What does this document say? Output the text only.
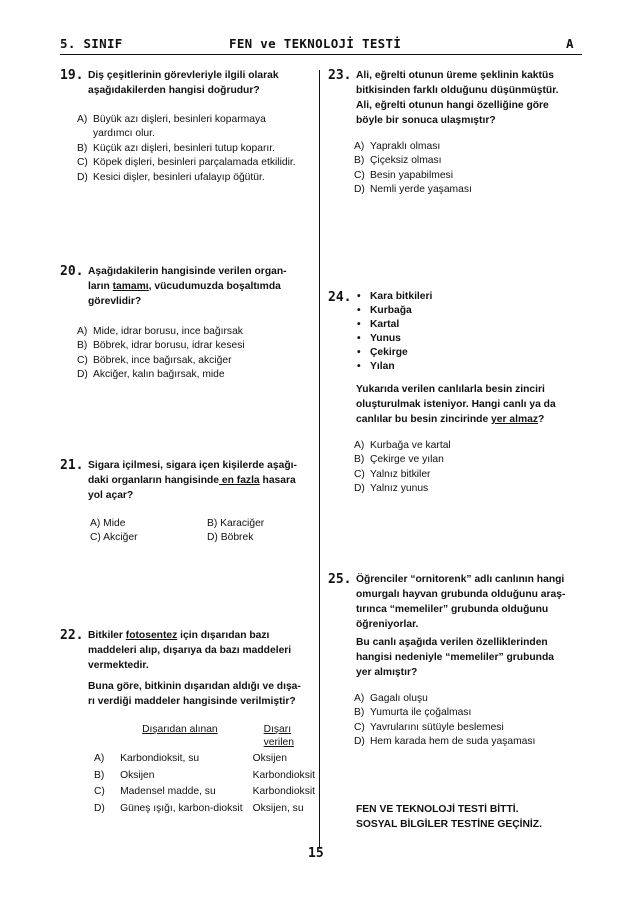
5. SINIF	FEN ve TEKNOLOJİ TESTİ	A
19. Diş çeşitlerinin görevleriyle ilgili olarak
aşağıdakilerden hangisi doğrudur?
A) Büyük azı dişleri, besinleri koparmaya yardımcı olur.
B) Küçük azı dişleri, besinleri tutup koparır.
C) Köpek dişleri, besinleri parçalamada etkilidir.
D) Kesici dişler, besinleri ufalayıp öğütür.
20. Aşağıdakilerin hangisinde verilen organ-
ların tamamı, vücudumuzda boşaltımda
görevlidir?
A) Mide, idrar borusu, ince bağırsak
B) Böbrek, idrar borusu, idrar kesesi
C) Böbrek, ince bağırsak, akciğer
D) Akciğer, kalın bağırsak, mide
21. Sigara içilmesi, sigara içen kişilerde aşağı-
daki organların hangisinde en fazla hasara
yol açar?
A) Mide	B) Karaciğer
C) Akciğer	D) Böbrek
22. Bitkiler fotosentez için dışarıdan bazı
maddeleri alıp, dışarıya da bazı maddeleri
vermektedir.
Buna göre, bitkinin dışarıdan aldığı ve dışa-
rı verdiği maddeler hangisinde verilmiştir?
	Dışarıdan alınan	Dışarı verilen
A)	Karbondioksit, su	Oksijen
B)	Oksijen	Karbondioksit
C)	Madensel madde, su	Karbondioksit
D)	Güneş ışığı, karbon-dioksit	Oksijen, su
23. Ali, eğrelti otunun üreme şeklinin kaktüs
bitkisinden farklı olduğunu düşünmüştür.
Ali, eğrelti otunun hangi özelliğine göre
böyle bir sonuca ulaşmıştır?
A) Yapraklı olması
B) Çiçeksiz olması
C) Besin yapabilmesi
D) Nemli yerde yaşaması
24. • Kara bitkileri
• Kurbağa
• Kartal
• Yunus
• Çekirge
• Yılan
Yukarıda verilen canlılarla besin zinciri
oluşturulmak isteniyor. Hangi canlı ya da
canlılar bu besin zincirinde yer almaz?
A) Kurbağa ve kartal
B) Çekirge ve yılan
C) Yalnız bitkiler
D) Yalnız yunus
25. Öğrenciler “ornitorenk” adlı canlının hangi
omurgalı hayvan grubunda olduğunu araş-
tırınca “memeliler” grubunda olduğunu
öğreniyorlar.
Bu canlı aşağıda verilen özelliklerinden
hangisi nedeniyle “memeliler” grubunda
yer almıştır?
A) Gagalı oluşu
B) Yumurta ile çoğalması
C) Yavrularını sütüyle beslemesi
D) Hem karada hem de suda yaşaması
FEN VE TEKNOLOJİ TESTİ BİTTİ.
SOSYAL BİLGİLER TESTİNE GEÇİNİZ.
15
